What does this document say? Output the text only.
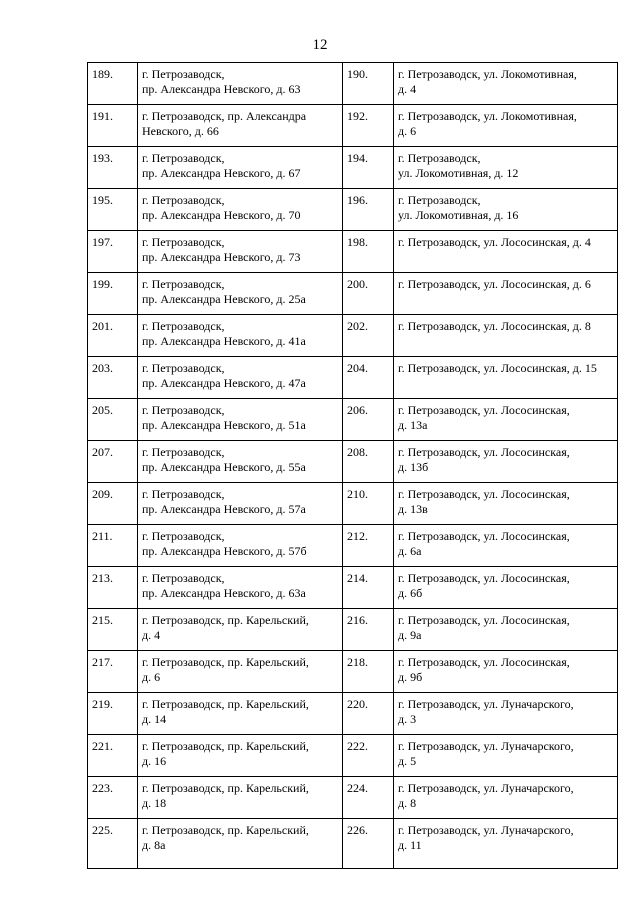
12
189.	г. Петрозаводск,
пр. Александра Невского, д. 63	190.	г. Петрозаводск, ул. Локомотивная,
д. 4
191.	г. Петрозаводск, пр. Александра
Невского, д. 66	192.	г. Петрозаводск, ул. Локомотивная,
д. 6
193.	г. Петрозаводск,
пр. Александра Невского, д. 67	194.	г. Петрозаводск,
ул. Локомотивная, д. 12
195.	г. Петрозаводск,
пр. Александра Невского, д. 70	196.	г. Петрозаводск,
ул. Локомотивная, д. 16
197.	г. Петрозаводск,
пр. Александра Невского, д. 73	198.	г. Петрозаводск, ул. Лососинская, д. 4
199.	г. Петрозаводск,
пр. Александра Невского, д. 25а	200.	г. Петрозаводск, ул. Лососинская, д. 6
201.	г. Петрозаводск,
пр. Александра Невского, д. 41а	202.	г. Петрозаводск, ул. Лососинская, д. 8
203.	г. Петрозаводск,
пр. Александра Невского, д. 47а	204.	г. Петрозаводск, ул. Лососинская, д. 15
205.	г. Петрозаводск,
пр. Александра Невского, д. 51а	206.	г. Петрозаводск, ул. Лососинская,
д. 13а
207.	г. Петрозаводск,
пр. Александра Невского, д. 55а	208.	г. Петрозаводск, ул. Лососинская,
д. 13б
209.	г. Петрозаводск,
пр. Александра Невского, д. 57а	210.	г. Петрозаводск, ул. Лососинская,
д. 13в
211.	г. Петрозаводск,
пр. Александра Невского, д. 57б	212.	г. Петрозаводск, ул. Лососинская,
д. 6а
213.	г. Петрозаводск,
пр. Александра Невского, д. 63а	214.	г. Петрозаводск, ул. Лососинская,
д. 6б
215.	г. Петрозаводск, пр. Карельский,
д. 4	216.	г. Петрозаводск, ул. Лососинская,
д. 9а
217.	г. Петрозаводск, пр. Карельский,
д. 6	218.	г. Петрозаводск, ул. Лососинская,
д. 9б
219.	г. Петрозаводск, пр. Карельский,
д. 14	220.	г. Петрозаводск, ул. Луначарского,
д. 3
221.	г. Петрозаводск, пр. Карельский,
д. 16	222.	г. Петрозаводск, ул. Луначарского,
д. 5
223.	г. Петрозаводск, пр. Карельский,
д. 18	224.	г. Петрозаводск, ул. Луначарского,
д. 8
225.	г. Петрозаводск, пр. Карельский,
д. 8а	226.	г. Петрозаводск, ул. Луначарского,
д. 11
